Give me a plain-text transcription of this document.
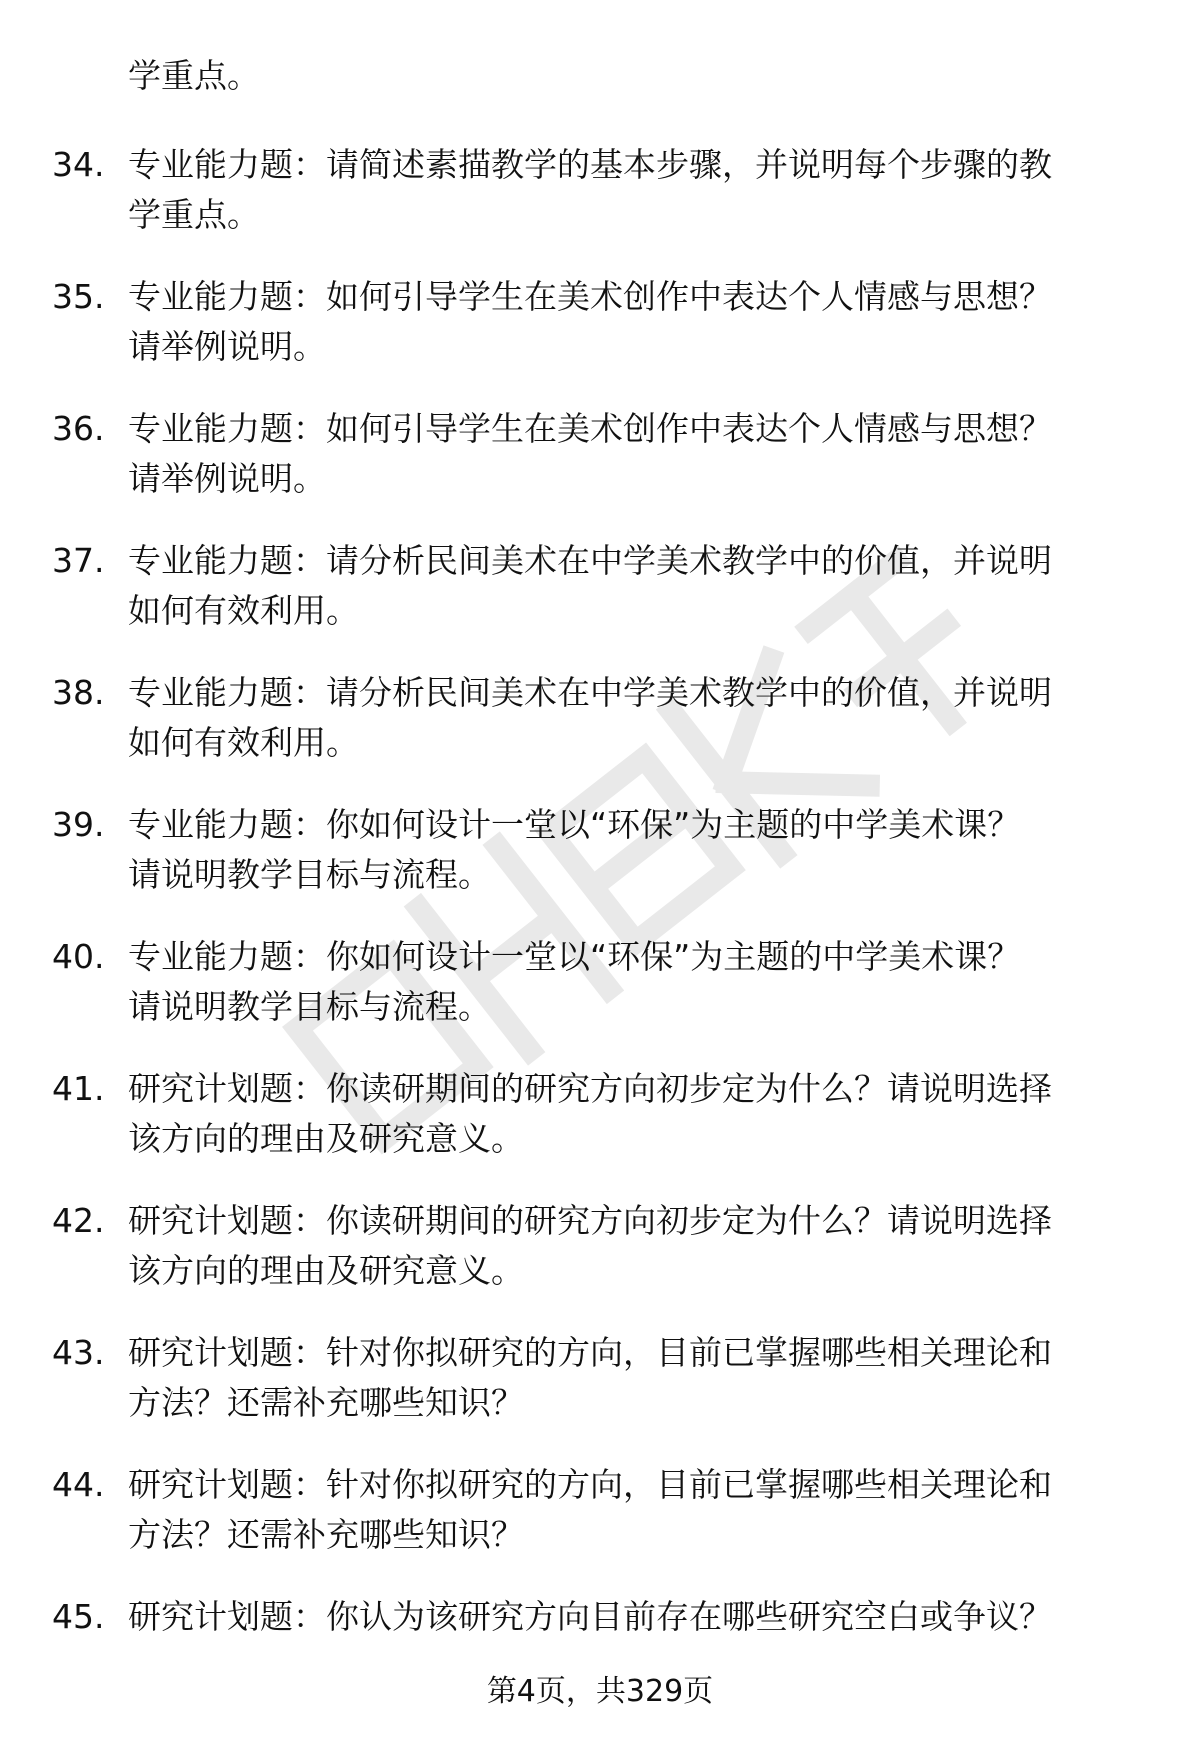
学重点。
34. 专业能力题：请简述素描教学的基本步骤，并说明每个步骤的教
学重点。
35. 专业能力题：如何引导学生在美术创作中表达个人情感与思想？
请举例说明。
36. 专业能力题：如何引导学生在美术创作中表达个人情感与思想？
请举例说明。
37. 专业能力题：请分析民间美术在中学美术教学中的价值，并说明
如何有效利用。
38. 专业能力题：请分析民间美术在中学美术教学中的价值，并说明
如何有效利用。
39. 专业能力题：你如何设计一堂以“环保”为主题的中学美术课？
请说明教学目标与流程。
40. 专业能力题：你如何设计一堂以“环保”为主题的中学美术课？
请说明教学目标与流程。
41. 研究计划题：你读研期间的研究方向初步定为什么？请说明选择
该方向的理由及研究意义。
42. 研究计划题：你读研期间的研究方向初步定为什么？请说明选择
该方向的理由及研究意义。
43. 研究计划题：针对你拟研究的方向，目前已掌握哪些相关理论和
方法？还需补充哪些知识？
44. 研究计划题：针对你拟研究的方向，目前已掌握哪些相关理论和
方法？还需补充哪些知识？
45. 研究计划题：你认为该研究方向目前存在哪些研究空白或争议？
第4页，共329页
